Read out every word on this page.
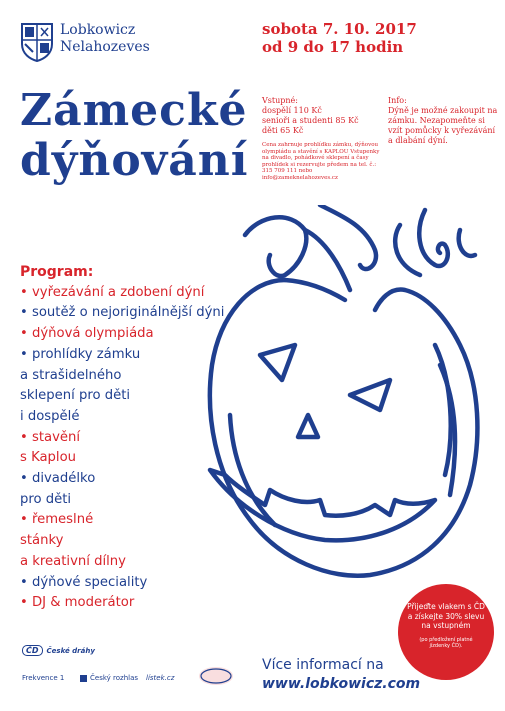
Lobkowicz
Nelahozeves
sobota 7. 10. 2017
od 9 do 17 hodin
Zámecké
dýňování
Vstupné:
dospělí 110 Kč
senioři a studenti 85 Kč
děti 65 Kč
Cena zahrnuje prohlídku zámku, dýňovou olympiádu a stavění s KAPLOU Vstupenky na divadlo, pohádkové sklepení a časy prohlídek si rezervujte předem na tel. č.: 315 709 111 nebo info@zameknelahozeves.cz
Info:
Dýně je možné zakoupit na zámku. Nezapomeňte si vzít pomůcky k vyřezávání a dlabání dýní.
Program:
• vyřezávání a zdobení dýní
• soutěž o nejoriginálnější dýni
• dýňová olympiáda
• prohlídky zámku
a strašidelného
sklepení pro děti
i dospělé
• stavění
s Kaplou
• divadélko
pro děti
• řemeslné
stánky
a kreativní dílny
• dýňové speciality
• DJ & moderátor	Přijeďte vlakem s ČD a získejte 30% slevu na vstupném
(po předložení platné jízdenky ČD).
ČD České dráhy
Frekvence 1	Český rozhlas lístek.cz
Více informací na
www.lobkowicz.com
